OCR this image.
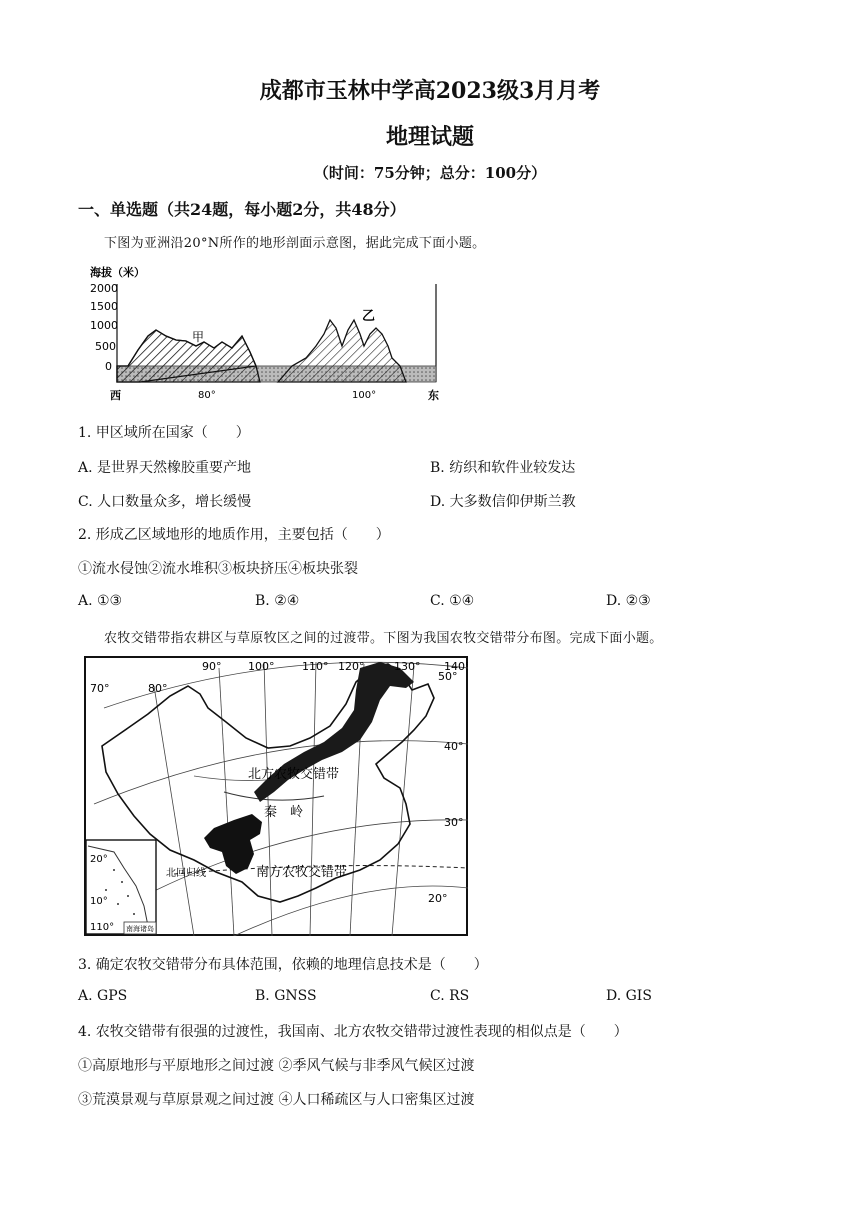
成都市玉林中学高2023级3月月考
地理试题
（时间：75分钟；总分：100分）
一、单选题（共24题，每小题2分，共48分）
下图为亚洲沿20°N所作的地形剖面示意图，据此完成下面小题。
海拔（米）
2000
1500
1000
500
0
甲
乙
80°	100°
西	东
1. 甲区域所在国家（　　）
A. 是世界天然橡胶重要产地	B. 纺织和软件业较发达
C. 人口数量众多，增长缓慢	D. 大多数信仰伊斯兰教
2. 形成乙区域地形的地质作用，主要包括（　　）
①流水侵蚀②流水堆积③板块挤压④板块张裂
A. ①③	B. ②④	C. ①④	D. ②③
农牧交错带指农耕区与草原牧区之间的过渡带。下图为我国农牧交错带分布图。完成下面小题。
90° 100°	110° 120°	130° 140°
70°	80°
50°
40°
30°
20°
北方农牧交错带
秦　岭
南方农牧交错带
北回归线
20°
10°
110° 南海诸岛
3. 确定农牧交错带分布具体范围，依赖的地理信息技术是（　　）
A. GPS	B. GNSS	C. RS	D. GIS
4. 农牧交错带有很强的过渡性，我国南、北方农牧交错带过渡性表现的相似点是（　　）
①高原地形与平原地形之间过渡 ②季风气候与非季风气候区过渡
③荒漠景观与草原景观之间过渡 ④人口稀疏区与人口密集区过渡
